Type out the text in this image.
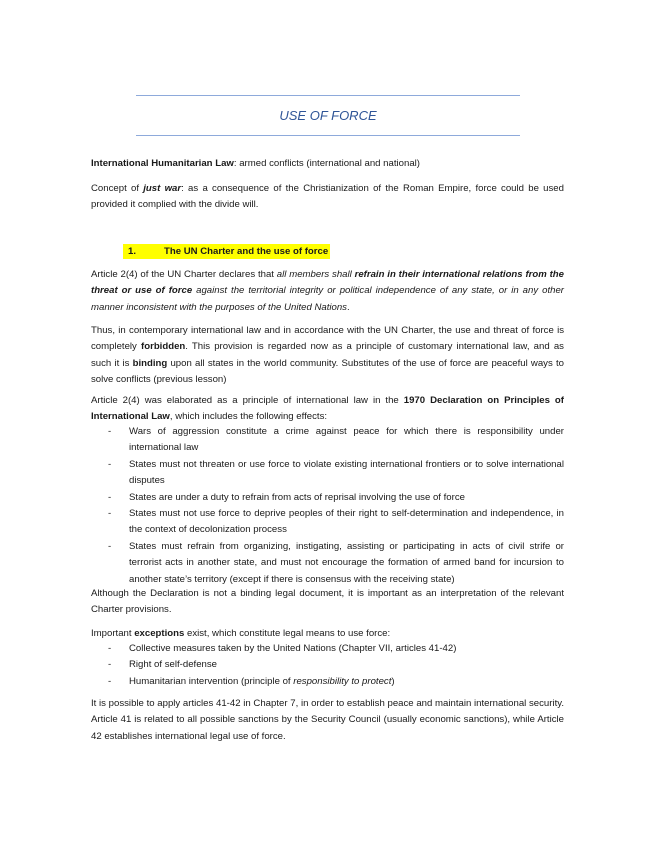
USE OF FORCE

International Humanitarian Law: armed conflicts (international and national)

Concept of just war: as a consequence of the Christianization of the Roman Empire, force could be used provided it complied with the divide will.

1.	The UN Charter and the use of force

Article 2(4) of the UN Charter declares that all members shall refrain in their international relations from the threat or use of force against the territorial integrity or political independence of any state, or in any other manner inconsistent with the purposes of the United Nations.

Thus, in contemporary international law and in accordance with the UN Charter, the use and threat of force is completely forbidden. This provision is regarded now as a principle of customary international law, and as such it is binding upon all states in the world community. Substitutes of the use of force are peaceful ways to solve conflicts (previous lesson)

Article 2(4) was elaborated as a principle of international law in the 1970 Declaration on Principles of International Law, which includes the following effects:

- Wars of aggression constitute a crime against peace for which there is responsibility under international law
- States must not threaten or use force to violate existing international frontiers or to solve international disputes
- States are under a duty to refrain from acts of reprisal involving the use of force
- States must not use force to deprive peoples of their right to self-determination and independence, in the context of decolonization process
- States must refrain from organizing, instigating, assisting or participating in acts of civil strife or terrorist acts in another state, and must not encourage the formation of armed band for incursion to another state’s territory (except if there is consensus with the receiving state)

Although the Declaration is not a binding legal document, it is important as an interpretation of the relevant Charter provisions.

Important exceptions exist, which constitute legal means to use force:

- Collective measures taken by the United Nations (Chapter VII, articles 41-42)
- Right of self-defense
- Humanitarian intervention (principle of responsibility to protect)

It is possible to apply articles 41-42 in Chapter 7, in order to establish peace and maintain international security. Article 41 is related to all possible sanctions by the Security Council (usually economic sanctions), while Article 42 establishes international legal use of force.
